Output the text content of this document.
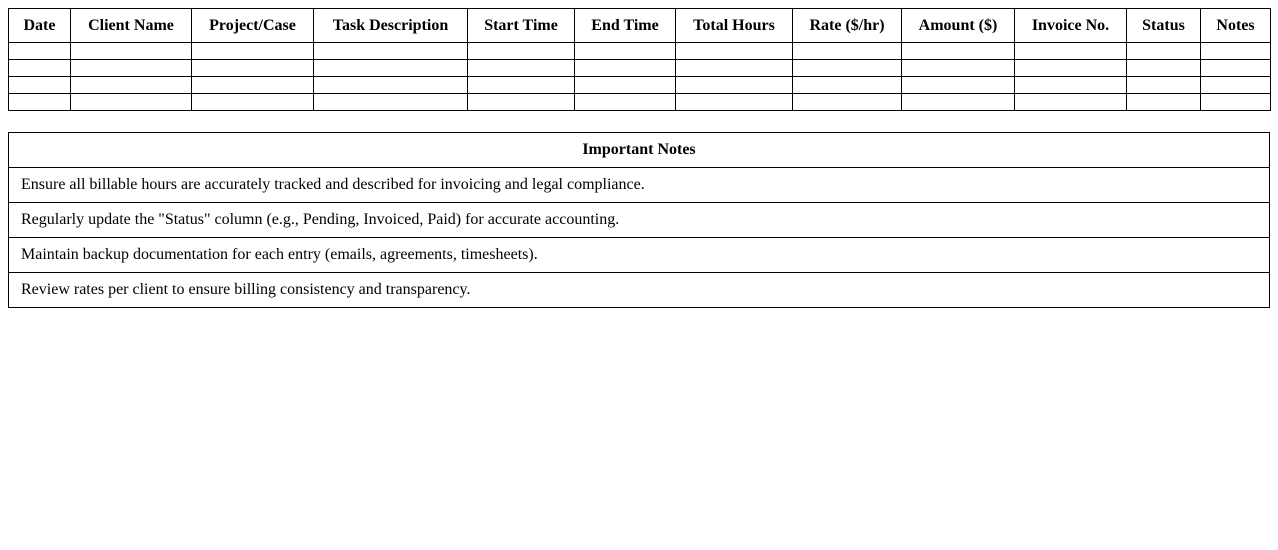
Date	Client Name	Project/Case	Task Description	Start Time	End Time	Total Hours	Rate ($/hr)	Amount ($)	Invoice No.	Status	Notes

Important Notes
Ensure all billable hours are accurately tracked and described for invoicing and legal compliance.
Regularly update the "Status" column (e.g., Pending, Invoiced, Paid) for accurate accounting.
Maintain backup documentation for each entry (emails, agreements, timesheets).
Review rates per client to ensure billing consistency and transparency.
